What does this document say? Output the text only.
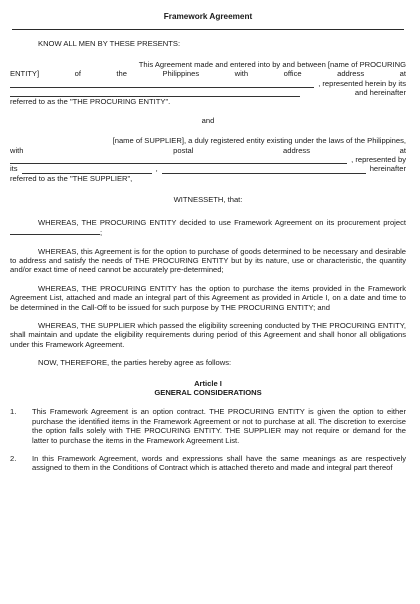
Framework Agreement

KNOW ALL MEN BY THESE PRESENTS:

This Agreement made and entered into by and between [name of PROCURING
ENTITY]	of	the	Philippines	with	office	address	at
, represented herein by its
and hereinafter
referred to as the "THE PROCURING ENTITY".

and

[name of SUPPLIER], a duly registered entity existing under the laws of the Philippines,
with	postal	address	at
, represented by
its	,	hereinafter
referred to as the "THE SUPPLIER",

WITNESSETH, that:

WHEREAS, THE PROCURING ENTITY decided to use Framework Agreement on its procurement project ;

WHEREAS, this Agreement is for the option to purchase of goods determined to be necessary and desirable to address and satisfy the needs of THE PROCURING ENTITY but by its nature, use or characteristic, the quantity and/or exact time of need cannot be accurately pre-determined;

WHEREAS, THE PROCURING ENTITY has the option to purchase the items provided in the Framework Agreement List, attached and made an integral part of this Agreement as provided in Article I, on a date and time to be determined in the Call-Off to be issued for such purpose by THE PROCURING ENTITY; and

WHEREAS, THE SUPPLIER which passed the eligibility screening conducted by THE PROCURING ENTITY, shall maintain and update the eligibility requirements during period of this Agreement and shall honor all obligations under this Framework Agreement.

NOW, THEREFORE, the parties hereby agree as follows:

Article I
GENERAL CONSIDERATIONS
1.	This Framework Agreement is an option contract. THE PROCURING ENTITY is given the option to either purchase the identified items in the Framework Agreement or not to purchase at all. The discretion to exercise the option falls solely with THE PROCURING ENTITY. THE SUPPLIER may not require or demand for the latter to purchase the items in the Framework Agreement List.
2.	In this Framework Agreement, words and expressions shall have the same meanings as are respectively assigned to them in the Conditions of Contract which is attached thereto and made and integral part thereof
